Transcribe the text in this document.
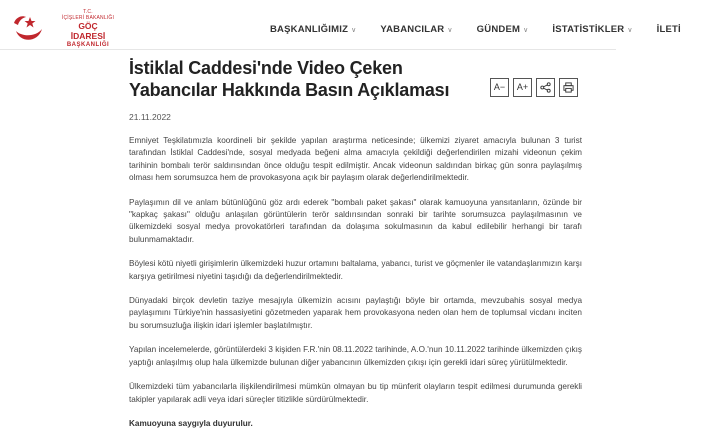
T.C.
İÇİŞLERİ BAKANLIĞI
GÖÇ İDARESİ
BAŞKANLIĞI
BAŞKANLIĞIMIZ ∨	YABANCILAR ∨	GÜNDEM ∨	İSTATİSTİKLER ∨	İLETİ
İstiklal Caddesi'nde Video Çeken Yabancılar Hakkında Basın Açıklaması	A− A+
21.11.2022

Emniyet Teşkilatımızla koordineli bir şekilde yapılan araştırma neticesinde; ülkemizi ziyaret amacıyla bulunan 3 turist tarafından İstiklal Caddesi'nde, sosyal medyada beğeni alma amacıyla çekildiği değerlendirilen mizahi videonun çekim tarihinin bombalı terör saldırısından önce olduğu tespit edilmiştir. Ancak videonun saldırıdan birkaç gün sonra paylaşılmış olması hem sorumsuzca hem de provokasyona açık bir paylaşım olarak değerlendirilmektedir.

Paylaşımın dil ve anlam bütünlüğünü göz ardı ederek "bombalı paket şakası" olarak kamuoyuna yansıtanların, özünde bir "kapkaç şakası" olduğu anlaşılan görüntülerin terör saldırısından sonraki bir tarihte sorumsuzca paylaşılmasının ve ülkemizdeki sosyal medya provokatörleri tarafından da dolaşıma sokulmasının da kabul edilebilir herhangi bir tarafı bulunmamaktadır.

Böylesi kötü niyetli girişimlerin ülkemizdeki huzur ortamını baltalama, yabancı, turist ve göçmenler ile vatandaşlarımızın karşı karşıya getirilmesi niyetini taşıdığı da değerlendirilmektedir.

Dünyadaki birçok devletin taziye mesajıyla ülkemizin acısını paylaştığı böyle bir ortamda, mevzubahis sosyal medya paylaşımını Türkiye'nin hassasiyetini gözetmeden yaparak hem provokasyona neden olan hem de toplumsal vicdanı inciten bu sorumsuzluğa ilişkin idari işlemler başlatılmıştır.

Yapılan incelemelerde, görüntülerdeki 3 kişiden F.R.'nin 08.11.2022 tarihinde, A.O.'nun 10.11.2022 tarihinde ülkemizden çıkış yaptığı anlaşılmış olup hala ülkemizde bulunan diğer yabancının ülkemizden çıkışı için gerekli idari süreç yürütülmektedir.

Ülkemizdeki tüm yabancılarla ilişkilendirilmesi mümkün olmayan bu tip münferit olayların tespit edilmesi durumunda gerekli takipler yapılarak adli veya idari süreçler titizlikle sürdürülmektedir.

Kamuoyuna saygıyla duyurulur.
